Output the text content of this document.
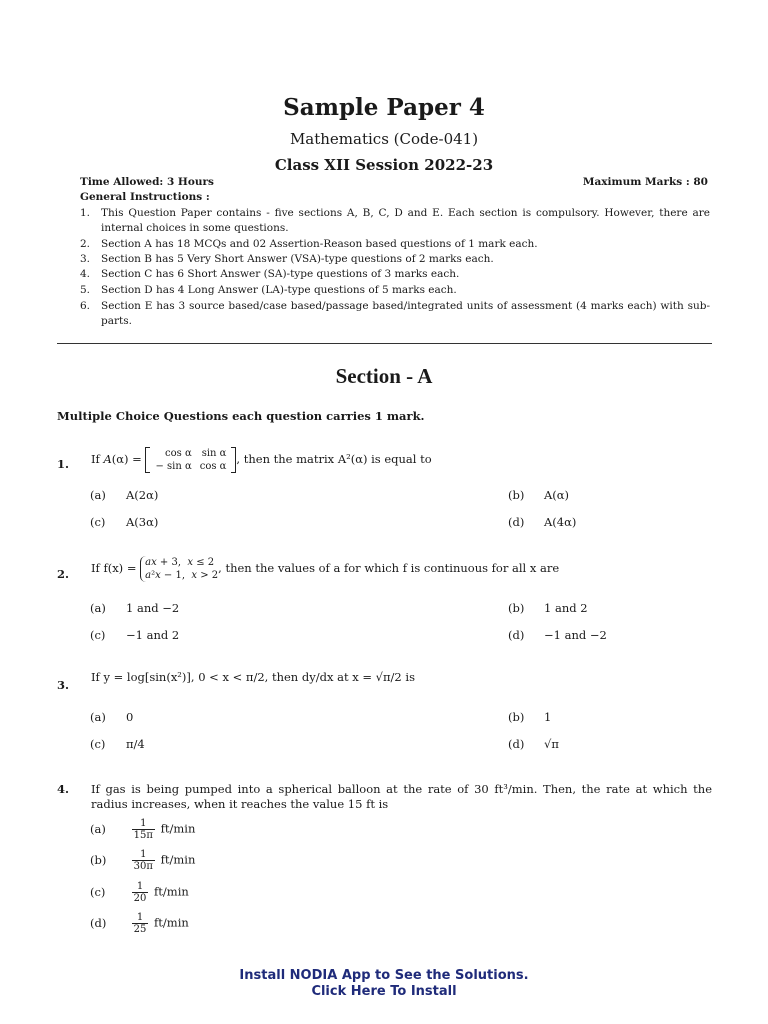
Sample Paper 4
Mathematics (Code-041)
Class XII Session 2022-23
Time Allowed: 3 Hours	Maximum Marks : 80
General Instructions :
1. This Question Paper contains - five sections A, B, C, D and E. Each section is compulsory. However, there are internal choices in some questions.
2. Section A has 18 MCQs and 02 Assertion-Reason based questions of 1 mark each.
3. Section B has 5 Very Short Answer (VSA)-type questions of 2 marks each.
4. Section C has 6 Short Answer (SA)-type questions of 3 marks each.
5. Section D has 4 Long Answer (LA)-type questions of 5 marks each.
6. Section E has 3 source based/case based/passage based/integrated units of assessment (4 marks each) with sub-parts.
Section - A
Multiple Choice Questions each question carries 1 mark.
1. If A(α) = cos α	sin α
− sin α	cos α
, then the matrix A²(α) is equal to
(a) A(2α)	(b) A(α)
(c) A(3α)	(d) A(4α)
2. If f(x) = ax + 3,  x ≤ 2
a²x − 1,  x > 2
, then the values of a for which f is continuous for all x are
(a) 1 and −2	(b) 1 and 2
(c) −1 and 2	(d) −1 and −2
3.
If y = log[sin(x²)], 0 < x < π/2, then dy/dx at x = √π/2 is
(a) 0	(b) 1
(c) π/4	(d) √π
4. If gas is being pumped into a spherical balloon at the rate of 30 ft³/min. Then, the rate at which the radius increases, when it reaches the value 15 ft is
(a)	$\frac{1}{15\pi} ft/\min$
(b)	$\frac{1}{30\pi} ft/\min$
(c)	$\frac{1}{20} ft/\min$
(d)	$\frac{1}{25} ft/\min$
Install NODIA App to See the Solutions.
Click Here To Install
